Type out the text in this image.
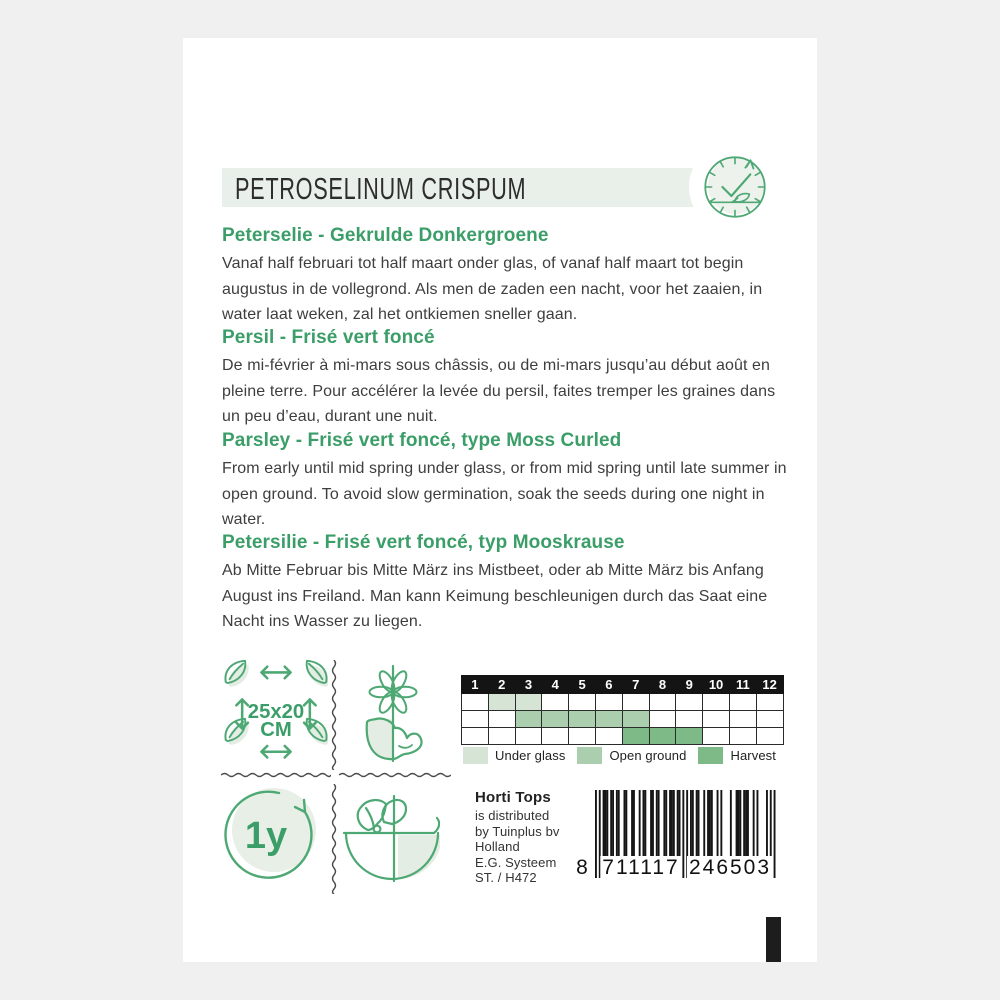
PETROSELINUM CRISPUM
Peterselie - Gekrulde Donkergroene

Vanaf half februari tot half maart onder glas, of vanaf half maart tot begin augustus in de vollegrond. Als men de zaden een nacht, voor het zaaien, in water laat weken, zal het ontkiemen sneller gaan.

Persil - Frisé vert foncé

De mi-février à mi-mars sous châssis, ou de mi-mars jusqu’au début août en pleine terre. Pour accélérer la levée du persil, faites tremper les graines dans un peu d’eau, durant une nuit.

Parsley - Frisé vert foncé, type Moss Curled

From early until mid spring under glass, or from mid spring until late summer in open ground. To avoid slow germination, soak the seeds during one night in water.

Petersilie - Frisé vert foncé, typ Mooskrause

Ab Mitte Februar bis Mitte März ins Mistbeet, oder ab Mitte März bis Anfang August ins Freiland. Man kann Keimung beschleunigen durch das Saat eine Nacht ins Wasser zu liegen.

25x20
CM
1y
1	2	3	4	5	6	7	8	9	10	11	12

Under glass	Open ground	Harvest
Horti Tops
is distributed
by Tuinplus bv
Holland
E.G. Systeem
ST. / H472	8 711117 246503
